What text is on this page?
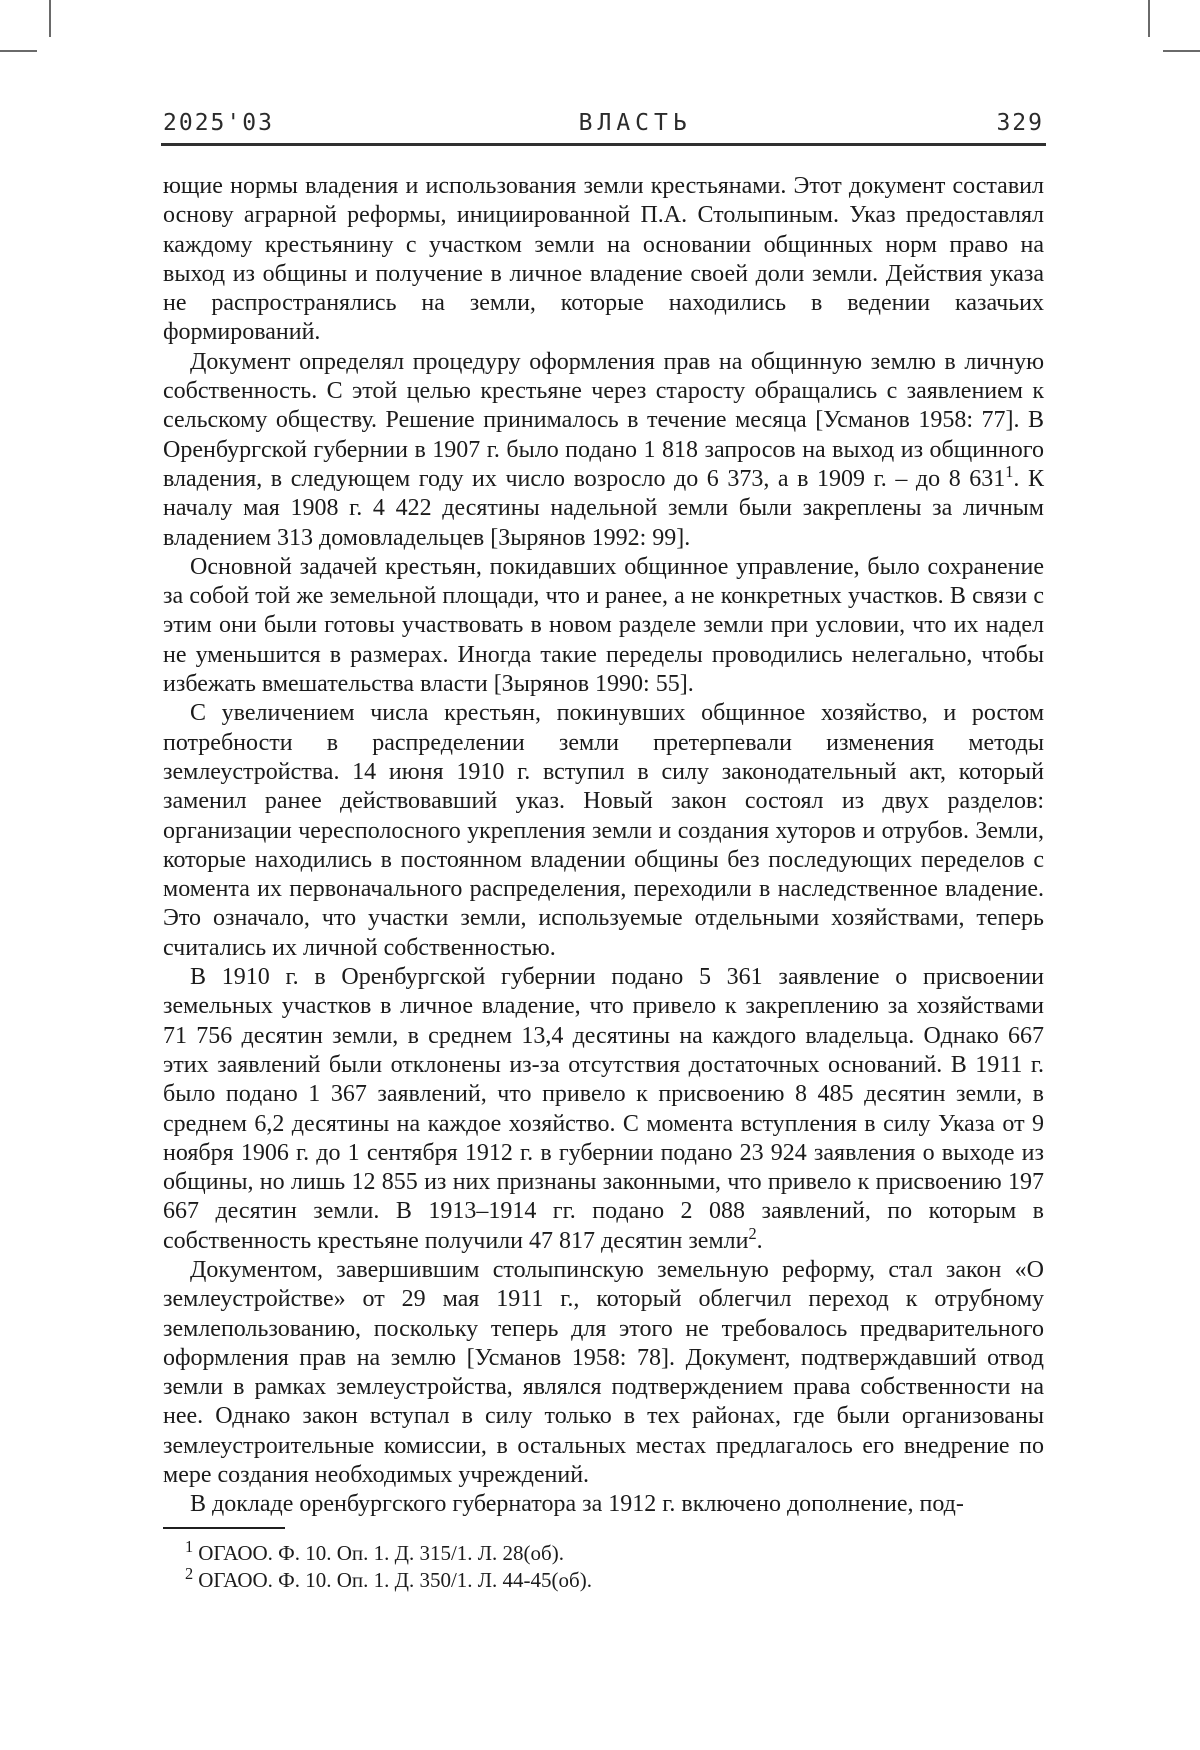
2025'03	ВЛАСТЬ	329

ющие нормы владения и использования земли крестьянами. Этот документ составил основу аграрной реформы, инициированной П.А. Столыпиным. Указ предоставлял каждому крестьянину с участком земли на основании общинных норм право на выход из общины и получение в личное владение своей доли земли. Действия указа не распространялись на земли, которые находились в ведении казачьих формирований.

Документ определял процедуру оформления прав на общинную землю в личную собственность. С этой целью крестьяне через старосту обращались с заявлением к сельскому обществу. Решение принималось в течение месяца [Усманов 1958: 77]. В Оренбургской губернии в 1907 г. было подано 1 818 запросов на выход из общинного владения, в следующем году их число возросло до 6 373, а в 1909 г. – до 8 631$^1$. К началу мая 1908 г. 4 422 десятины надельной земли были закреплены за личным владением 313 домовладельцев [Зырянов 1992: 99].

Основной задачей крестьян, покидавших общинное управление, было сохранение за собой той же земельной площади, что и ранее, а не конкретных участков. В связи с этим они были готовы участвовать в новом разделе земли при условии, что их надел не уменьшится в размерах. Иногда такие переделы проводились нелегально, чтобы избежать вмешательства власти [Зырянов 1990: 55].

С увеличением числа крестьян, покинувших общинное хозяйство, и ростом потребности в распределении земли претерпевали изменения методы землеустройства. 14 июня 1910 г. вступил в силу законодательный акт, который заменил ранее действовавший указ. Новый закон состоял из двух разделов: организации чересполосного укрепления земли и создания хуторов и отрубов. Земли, которые находились в постоянном владении общины без последующих переделов с момента их первоначального распределения, переходили в наследственное владение. Это означало, что участки земли, используемые отдельными хозяйствами, теперь считались их личной собственностью.

В 1910 г. в Оренбургской губернии подано 5 361 заявление о присвоении земельных участков в личное владение, что привело к закреплению за хозяйствами 71 756 десятин земли, в среднем 13,4 десятины на каждого владельца. Однако 667 этих заявлений были отклонены из-за отсутствия достаточных оснований. В 1911 г. было подано 1 367 заявлений, что привело к присвоению 8 485 десятин земли, в среднем 6,2 десятины на каждое хозяйство. С момента вступления в силу Указа от 9 ноября 1906 г. до 1 сентября 1912 г. в губернии подано 23 924 заявления о выходе из общины, но лишь 12 855 из них признаны законными, что привело к присвоению 197 667 десятин земли. В 1913–1914 гг. подано 2 088 заявлений, по которым в собственность крестьяне получили 47 817 десятин земли$^2$.

Документом, завершившим столыпинскую земельную реформу, стал закон «О землеустройстве» от 29 мая 1911 г., который облегчил переход к отрубному землепользованию, поскольку теперь для этого не требовалось предварительного оформления прав на землю [Усманов 1958: 78]. Документ, подтверждавший отвод земли в рамках землеустройства, являлся подтверждением права собственности на нее. Однако закон вступал в силу только в тех районах, где были организованы землеустроительные комиссии, в остальных местах предлагалось его внедрение по мере создания необходимых учреждений.

В докладе оренбургского губернатора за 1912 г. включено дополнение, под-

$^1$ ОГАОО. Ф. 10. Оп. 1. Д. 315/1. Л. 28(об).
$^2$ ОГАОО. Ф. 10. Оп. 1. Д. 350/1. Л. 44-45(об).
